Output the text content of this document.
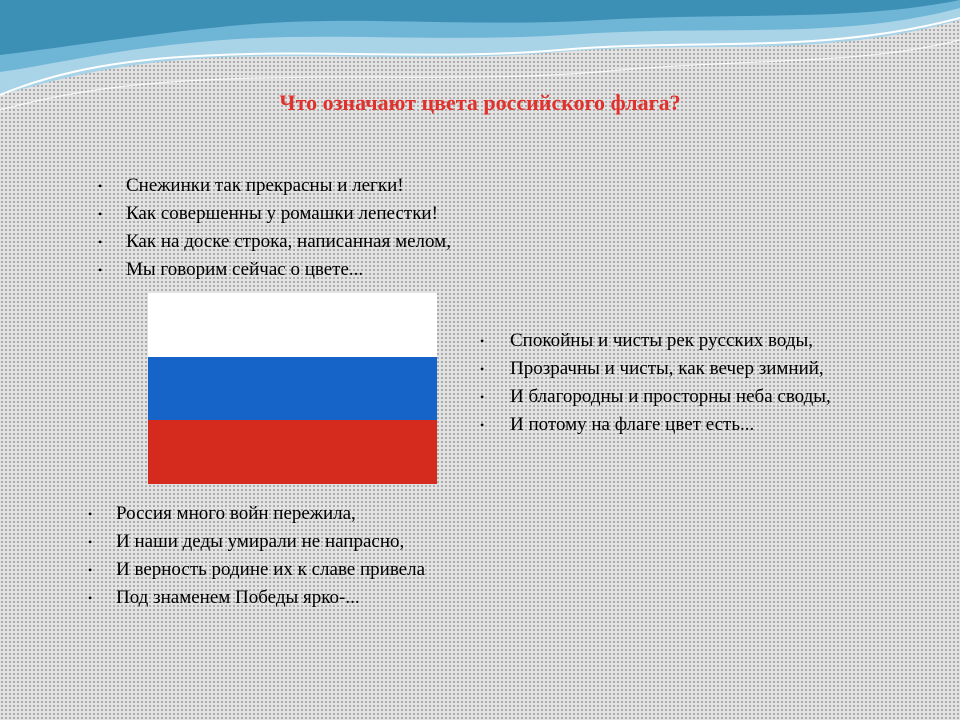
Что означают цвета российского флага?
• Снежинки так прекрасны и легки!
• Как совершенны у ромашки лепестки!
• Как на доске строка, написанная мелом,
• Мы говорим сейчас о цвете...
• Спокойны и чисты рек русских воды,
• Прозрачны и чисты, как вечер зимний,
• И благородны и просторны неба своды,
• И потому на флаге цвет есть...
• Россия много войн пережила,
• И наши деды умирали не напрасно,
• И верность родине их к славе привела
• Под знаменем Победы ярко-...
